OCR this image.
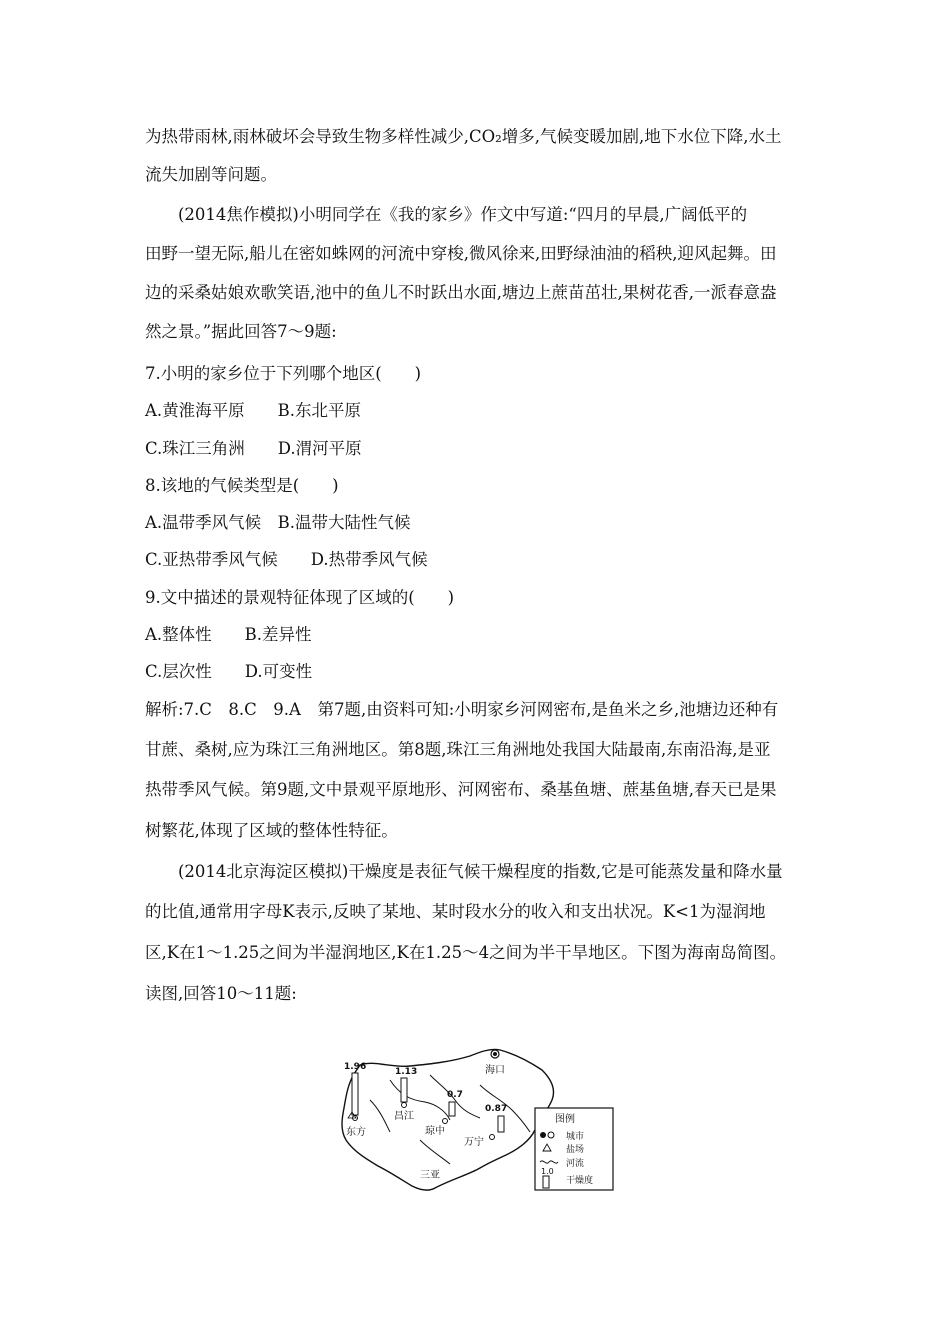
为热带雨林,雨林破坏会导致生物多样性减少,CO₂增多,气候变暖加剧,地下水位下降,水土
流失加剧等问题。
(2014焦作模拟)小明同学在《我的家乡》作文中写道:“四月的早晨,广阔低平的
田野一望无际,船儿在密如蛛网的河流中穿梭,微风徐来,田野绿油油的稻秧,迎风起舞。田
边的采桑姑娘欢歌笑语,池中的鱼儿不时跃出水面,塘边上蔗苗茁壮,果树花香,一派春意盎
然之景。”据此回答7～9题:
7.小明的家乡位于下列哪个地区(　　)
A.黄淮海平原　　B.东北平原
C.珠江三角洲　　D.渭河平原
8.该地的气候类型是(　　)
A.温带季风气候　B.温带大陆性气候
C.亚热带季风气候　　D.热带季风气候
9.文中描述的景观特征体现了区域的(　　)
A.整体性　　B.差异性
C.层次性　　D.可变性
解析:7.C　8.C　9.A　第7题,由资料可知:小明家乡河网密布,是鱼米之乡,池塘边还种有
甘蔗、桑树,应为珠江三角洲地区。第8题,珠江三角洲地处我国大陆最南,东南沿海,是亚
热带季风气候。第9题,文中景观平原地形、河网密布、桑基鱼塘、蔗基鱼塘,春天已是果
树繁花,体现了区域的整体性特征。
(2014北京海淀区模拟)干燥度是表征气候干燥程度的指数,它是可能蒸发量和降水量
的比值,通常用字母K表示,反映了某地、某时段水分的收入和支出状况。K<1为湿润地
区,K在1～1.25之间为半湿润地区,K在1.25～4之间为半干旱地区。下图为海南岛简图。
读图,回答10～11题:
海口
1.96
东方
1.13
昌江
0.7
琼中
0.87
万宁
三亚
图例
城市
盐场
河流
1.0
干燥度
